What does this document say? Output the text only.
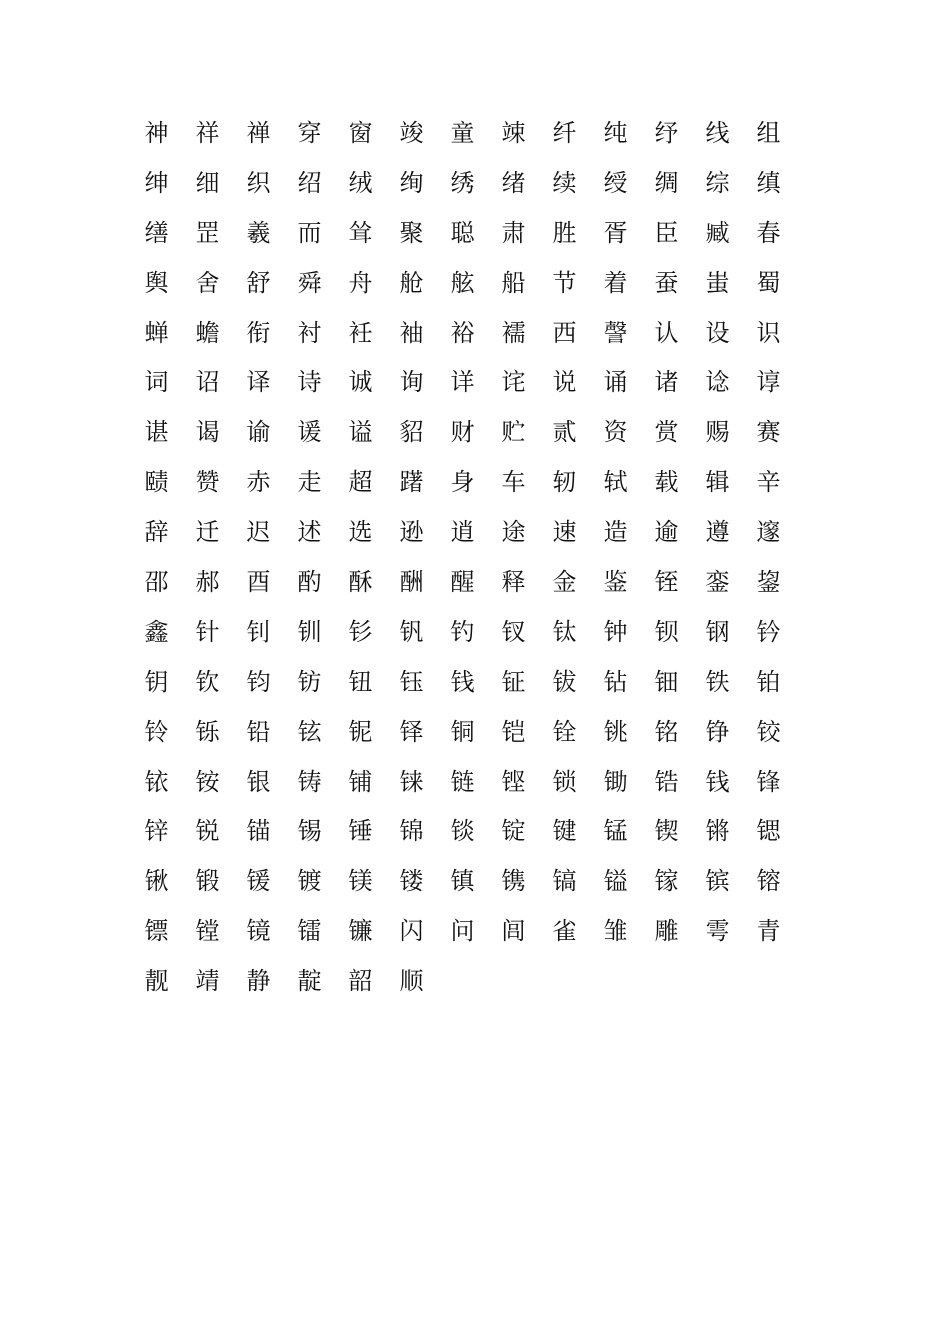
神	祥	禅	穿	窗	竣	童	竦	纤	纯	纾	线	组
绅	细	织	绍	绒	绚	绣	绪	续	绶	绸	综	缜
缮	罡	羲	而	耸	聚	聪	肃	胜	胥	臣	臧	春
舆	舍	舒	舜	舟	舱	舷	船	节	着	蚕	蚩	蜀
蝉	蟾	衔	衬	衽	袖	裕	襦	西	謦	认	设	识
词	诏	译	诗	诚	询	详	诧	说	诵	诸	谂	谆
谌	谒	谕	谖	谥	貂	财	贮	贰	资	赏	赐	赛
赜	赞	赤	走	超	躇	身	车	轫	轼	载	辑	辛
辞	迁	迟	述	选	逊	逍	途	速	造	逾	遵	邃
邵	郝	酉	酌	酥	酬	醒	释	金	鉴	铚	銮	鋆
鑫	针	钊	钏	钐	钒	钓	钗	钛	钟	钡	钢	钤
钥	钦	钧	钫	钮	钰	钱	钲	钹	钻	钿	铁	铂
铃	铄	铅	铉	铌	铎	铜	铠	铨	铫	铭	铮	铰
铱	铵	银	铸	铺	铼	链	铿	锁	锄	锆	钱	锋
锌	锐	锚	锡	锤	锦	锬	锭	键	锰	锲	锵	锶
锹	锻	锾	镀	镁	镂	镇	镌	镐	镒	镓	镔	镕
镖	镗	镜	镭	镰	闪	问	闾	雀	雏	雕	雩	青
靓	靖	静	靛	韶	顺
